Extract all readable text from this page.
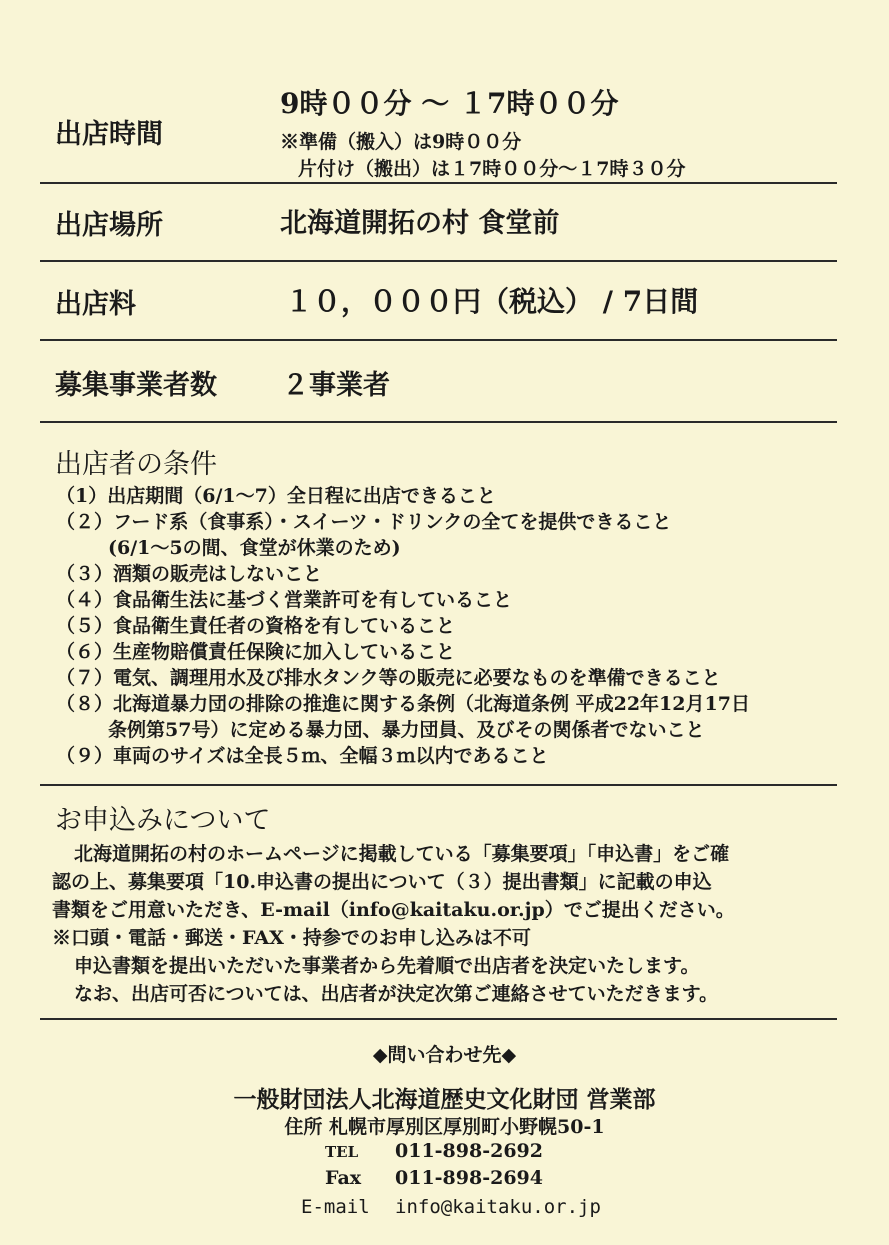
出店時間
9時００分 ～ １7時００分
※準備（搬入）は9時００分
片付け（搬出）は１7時００分～１7時３０分
出店場所	北海道開拓の村 食堂前
出店料	１０，０００円（税込） / 7日間
募集事業者数 ２事業者
出店者の条件
（1）出店期間（6/1～7）全日程に出店できること
（２）フード系（食事系）・スイーツ・ドリンクの全てを提供できること
(6/1～5の間、食堂が休業のため)
（３）酒類の販売はしないこと
（４）食品衛生法に基づく営業許可を有していること
（５）食品衛生責任者の資格を有していること
（６）生産物賠償責任保険に加入していること
（７）電気、調理用水及び排水タンク等の販売に必要なものを準備できること
（８）北海道暴力団の排除の推進に関する条例（北海道条例 平成22年12月17日
条例第57号）に定める暴力団、暴力団員、及びその関係者でないこと
（９）車両のサイズは全長５ｍ、全幅３ｍ以内であること
お申込みについて
北海道開拓の村のホームページに掲載している「募集要項」「申込書」をご確
認の上、募集要項「10.申込書の提出について（３）提出書類」に記載の申込
書類をご用意いただき、E-mail（info@kaitaku.or.jp）でご提出ください。
※口頭・電話・郵送・FAX・持参でのお申し込みは不可
申込書類を提出いただいた事業者から先着順で出店者を決定いたします。
なお、出店可否については、出店者が決定次第ご連絡させていただきます。
◆問い合わせ先◆
一般財団法人北海道歴史文化財団 営業部
住所 札幌市厚別区厚別町小野幌50-1
TEL 011-898-2692
Fax 011-898-2694
E-mail info@kaitaku.or.jp
